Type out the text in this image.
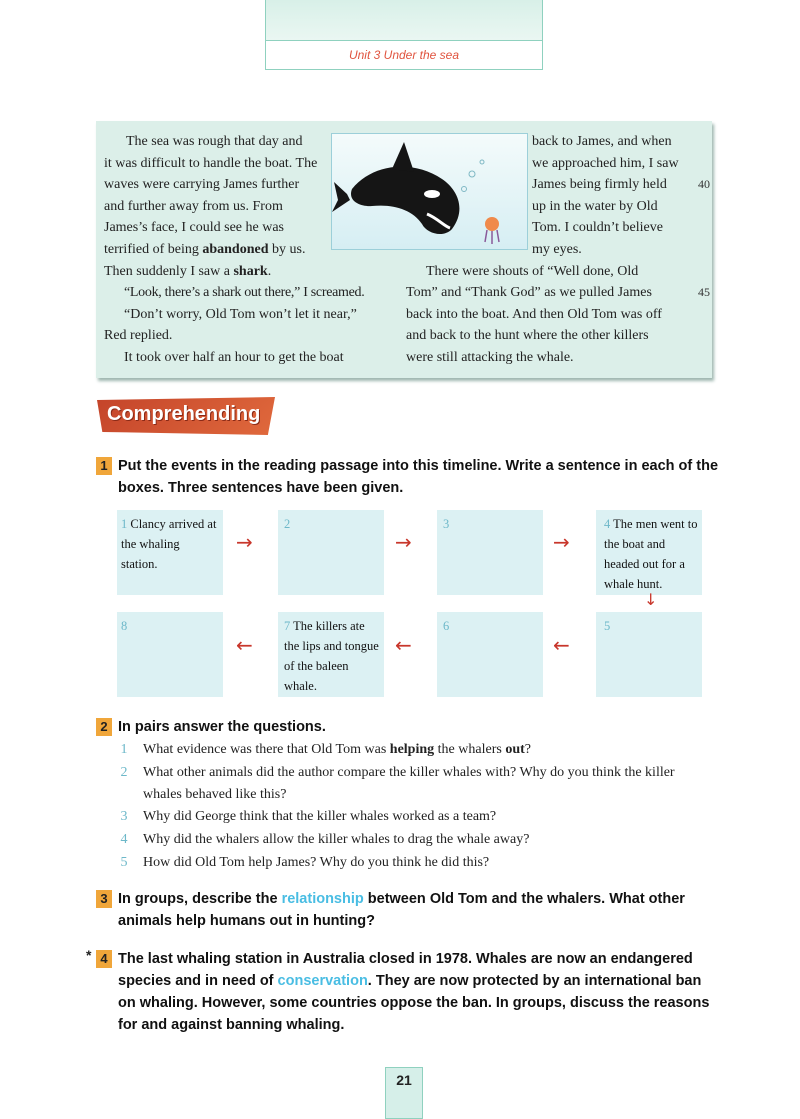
Unit 3 Under the sea
The sea was rough that day and
it was difficult to handle the boat. The
waves were carrying James further
and further away from us. From
James’s face, I could see he was
terrified of being abandoned by us.
Then suddenly I saw a shark.
“Look, there’s a shark out there,” I screamed.
“Don’t worry, Old Tom won’t let it near,”
Red replied.
It took over half an hour to get the boat
back to James, and when
we approached him, I saw
James being firmly held	40
up in the water by Old
Tom. I couldn’t believe
my eyes.
There were shouts of “Well done, Old
Tom” and “Thank God” as we pulled James	45
back into the boat. And then Old Tom was off
and back to the hunt where the other killers
were still attacking the whale.
Comprehending
1 Put the events in the reading passage into this timeline. Write a sentence in each of the boxes. Three sentences have been given.
1 Clancy arrived at the whaling station.
→
2
→
3
→
4 The men went to the boat and headed out for a whale hunt.
↓
8
←
7 The killers ate the lips and tongue of the baleen whale.
←
6
←
5
2 In pairs answer the questions.
1 What evidence was there that Old Tom was helping the whalers out?
2 What other animals did the author compare the killer whales with? Why do you think the killer whales behaved like this?
3 Why did George think that the killer whales worked as a team?
4 Why did the whalers allow the killer whales to drag the whale away?
5 How did Old Tom help James? Why do you think he did this?
3 In groups, describe the relationship between Old Tom and the whalers. What other animals help humans out in hunting?
* 4 The last whaling station in Australia closed in 1978. Whales are now an endangered species and in need of conservation. They are now protected by an international ban on whaling. However, some countries oppose the ban. In groups, discuss the reasons for and against banning whaling.
21
